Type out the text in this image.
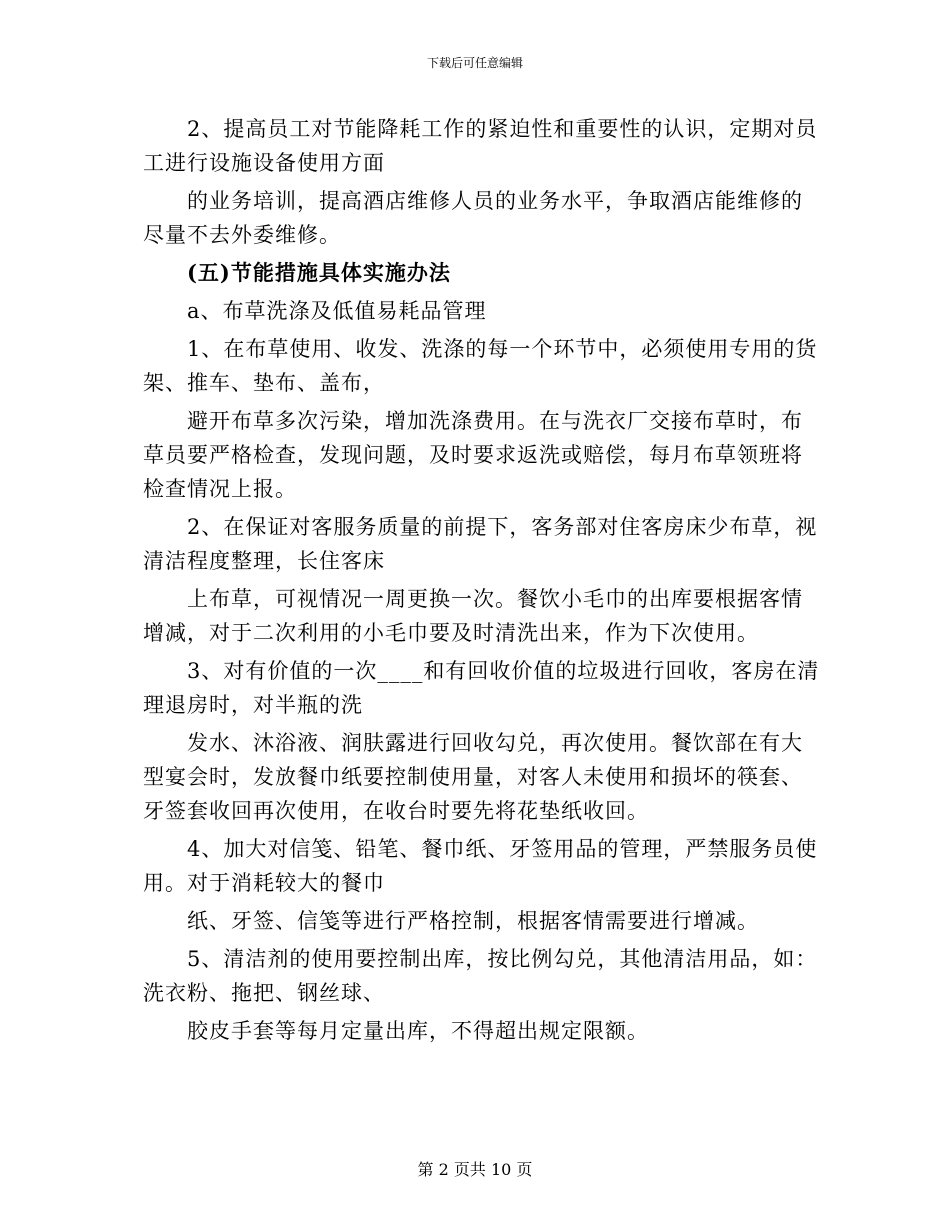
下载后可任意编辑
2、提高员工对节能降耗工作的紧迫性和重要性的认识，定期对员
工进行设施设备使用方面
的业务培训，提高酒店维修人员的业务水平，争取酒店能维修的
尽量不去外委维修。
(五)节能措施具体实施办法
a、布草洗涤及低值易耗品管理
1、在布草使用、收发、洗涤的每一个环节中，必须使用专用的货
架、推车、垫布、盖布，
避开布草多次污染，增加洗涤费用。在与洗衣厂交接布草时，布
草员要严格检查，发现问题，及时要求返洗或赔偿，每月布草领班将
检查情况上报。
2、在保证对客服务质量的前提下，客务部对住客房床少布草，视
清洁程度整理，长住客床
上布草，可视情况一周更换一次。餐饮小毛巾的出库要根据客情
增减，对于二次利用的小毛巾要及时清洗出来，作为下次使用。
3、对有价值的一次____和有回收价值的垃圾进行回收，客房在清
理退房时，对半瓶的洗
发水、沐浴液、润肤露进行回收勾兑，再次使用。餐饮部在有大
型宴会时，发放餐巾纸要控制使用量，对客人未使用和损坏的筷套、
牙签套收回再次使用，在收台时要先将花垫纸收回。
4、加大对信笺、铅笔、餐巾纸、牙签用品的管理，严禁服务员使
用。对于消耗较大的餐巾
纸、牙签、信笺等进行严格控制，根据客情需要进行增减。
5、清洁剂的使用要控制出库，按比例勾兑，其他清洁用品，如：
洗衣粉、拖把、钢丝球、
胶皮手套等每月定量出库，不得超出规定限额。
第 2 页共 10 页
